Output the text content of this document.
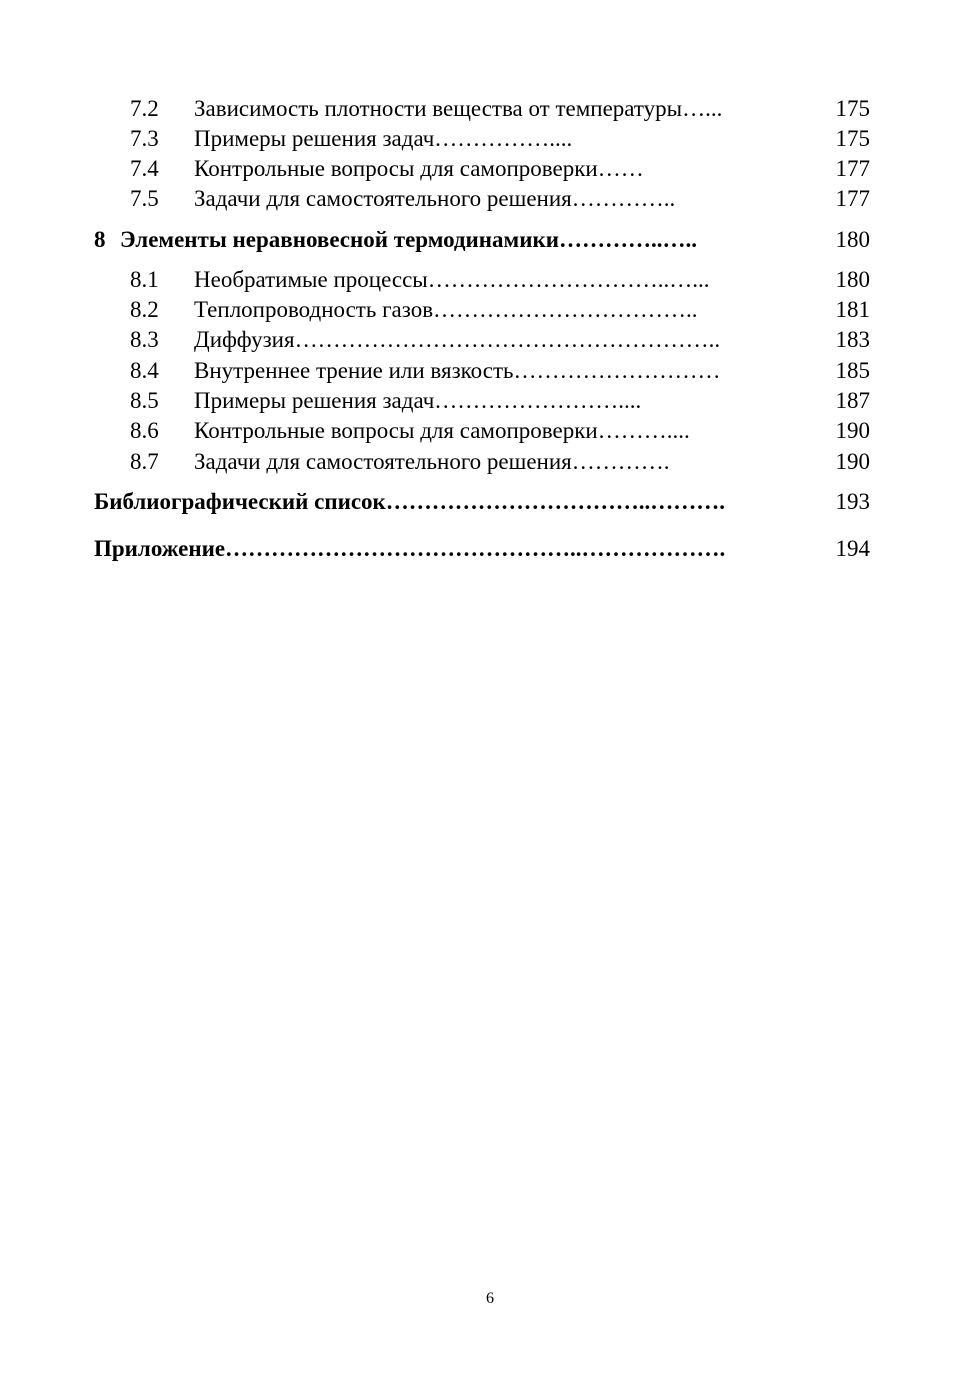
7.2 Зависимость плотности вещества от температуры…...	175
7.3 Примеры решения задач……………....	175
7.4 Контрольные вопросы для самопроверки……	177
7.5 Задачи для самостоятельного решения…………..	177
8 Элементы неравновесной термодинамики…………..…..	180
8.1 Необратимые процессы…………………………..…...	180
8.2 Теплопроводность газов……………………………..	181
8.3 Диффузия………………………………………………..	183
8.4 Внутреннее трение или вязкость………………………	185
8.5 Примеры решения задач……………………....	187
8.6 Контрольные вопросы для самопроверки………....	190
8.7 Задачи для самостоятельного решения………….	190
Библиографический список……………………………..……….	193
Приложение………………………………………..……………….	194
6
